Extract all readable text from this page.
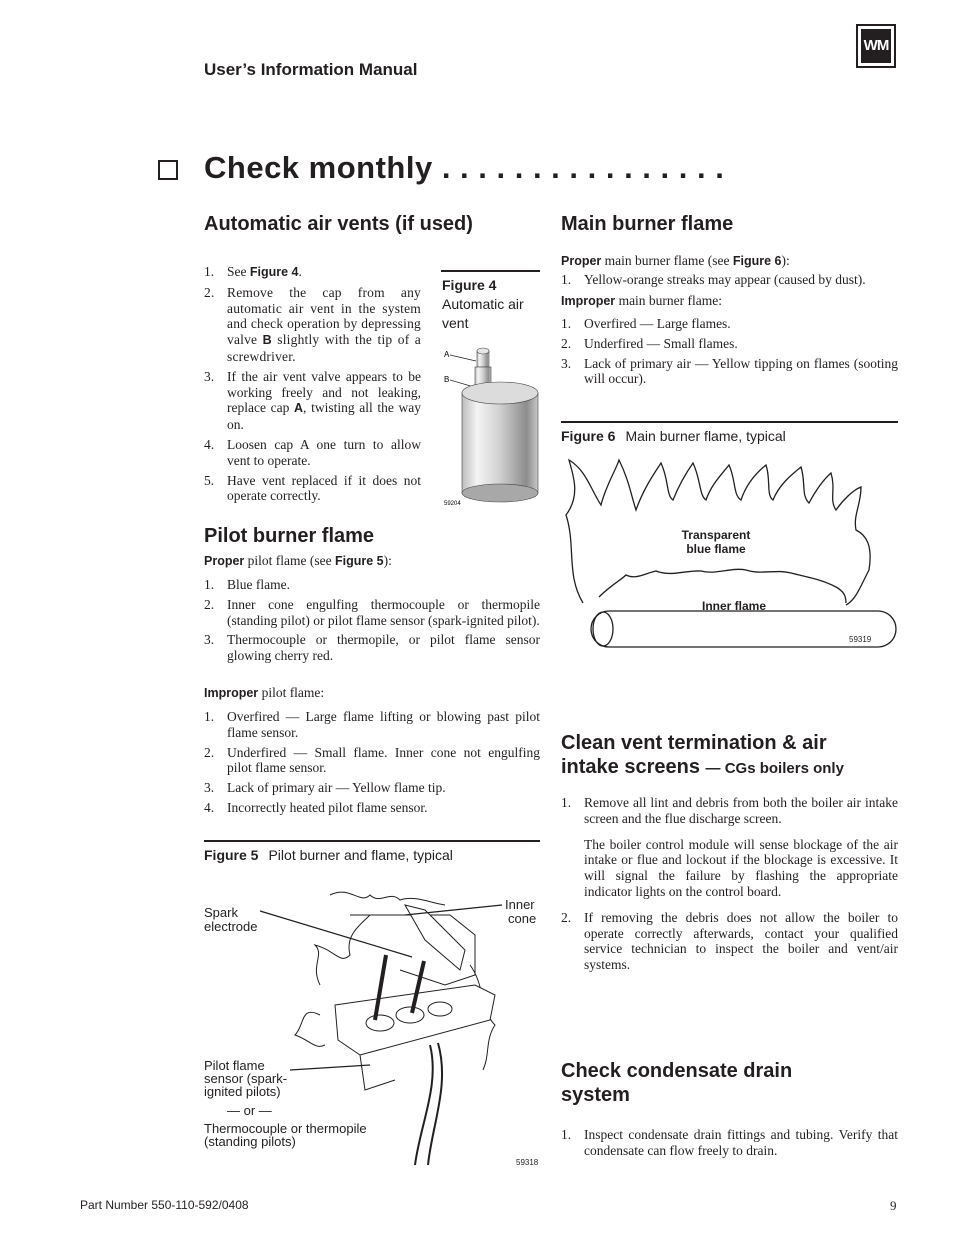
User’s Information Manual
WM
Check monthly . . . . . . . . . . . . . . . .
Automatic air vents (if used)
1. See Figure 4.
2. Remove the cap from any automatic air vent in the system and check operation by depressing valve B slightly with the tip of a screwdriver.
3. If the air vent valve appears to be working freely and not leaking, replace cap A, twisting all the way on.
4. Loosen cap A one turn to allow vent to operate.
5. Have vent replaced if it does not operate correctly.
Figure 4
Automatic air vent
A
B
59204
Pilot burner flame
Proper pilot flame (see Figure 5):
1. Blue flame.
2. Inner cone engulfing thermocouple or thermopile (standing pilot) or pilot flame sensor (spark-ignited pilot).
3. Thermocouple or thermopile, or pilot flame sensor glowing cherry red.
Improper pilot flame:
1. Overfired — Large flame lifting or blowing past pilot flame sensor.
2. Underfired — Small flame. Inner cone not engulfing pilot flame sensor.
3. Lack of primary air — Yellow flame tip.
4. Incorrectly heated pilot flame sensor.
Figure 5 Pilot burner and flame, typical
Spark
electrode
Inner
cone
Pilot flame
sensor (spark-
ignited pilots)
— or —
Thermocouple or thermopile
(standing pilots)
59318
Main burner flame
Proper main burner flame (see Figure 6):
1. Yellow-orange streaks may appear (caused by dust).
Improper main burner flame:
1. Overfired — Large flames.
2. Underfired — Small flames.
3. Lack of primary air — Yellow tipping on flames (sooting will occur).
Figure 6 Main burner flame, typical
Transparent
blue flame
Inner flame
59319
Clean vent termination & air
intake screens — CGs boilers only
1. Remove all lint and debris from both the boiler air intake screen and the flue discharge screen.
The boiler control module will sense blockage of the air intake or flue and lockout if the blockage is excessive. It will signal the failure by flashing the appropriate indicator lights on the control board.
2. If removing the debris does not allow the boiler to operate correctly afterwards, contact your qualified service technician to inspect the boiler and vent/air systems.
Check condensate drain
system
1. Inspect condensate drain fittings and tubing. Verify that condensate can flow freely to drain.
Part Number 550-110-592/0408	9
